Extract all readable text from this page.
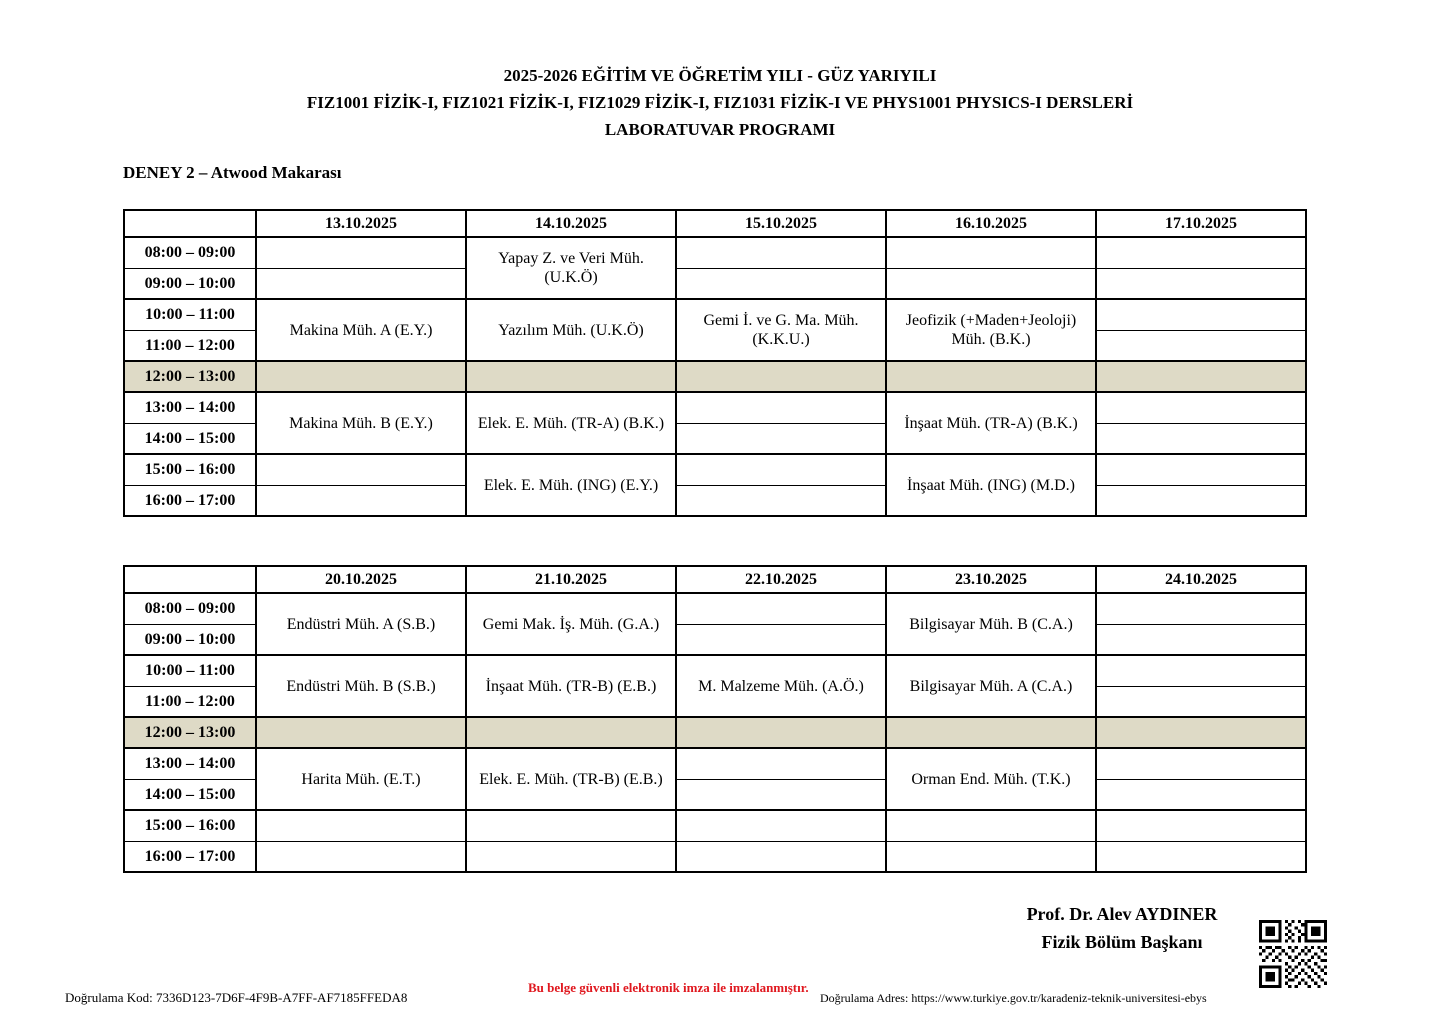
2025-2026 EĞİTİM VE ÖĞRETİM YILI - GÜZ YARIYILI
FIZ1001 FİZİK-I, FIZ1021 FİZİK-I, FIZ1029 FİZİK-I, FIZ1031 FİZİK-I VE PHYS1001 PHYSICS-I DERSLERİ
LABORATUVAR PROGRAMI
DENEY 2 – Atwood Makarası
	13.10.2025	14.10.2025	15.10.2025	16.10.2025	17.10.2025
08:00 – 09:00		Yapay Z. ve Veri Müh. (U.K.Ö)			
09:00 – 10:00					
10:00 – 11:00	Makina Müh. A (E.Y.)	Yazılım Müh. (U.K.Ö)	Gemi İ. ve G. Ma. Müh. (K.K.U.)	Jeofizik (+Maden+Jeoloji) Müh. (B.K.)	
11:00 – 12:00					
12:00 – 13:00					
13:00 – 14:00	Makina Müh. B (E.Y.)	Elek. E. Müh. (TR-A) (B.K.)		İnşaat Müh. (TR-A) (B.K.)	
14:00 – 15:00					
15:00 – 16:00		Elek. E. Müh. (ING) (E.Y.)		İnşaat Müh. (ING) (M.D.)	
16:00 – 17:00					
	20.10.2025	21.10.2025	22.10.2025	23.10.2025	24.10.2025
08:00 – 09:00	Endüstri Müh. A (S.B.)	Gemi Mak. İş. Müh. (G.A.)		Bilgisayar Müh. B (C.A.)	
09:00 – 10:00					
10:00 – 11:00	Endüstri Müh. B (S.B.)	İnşaat Müh. (TR-B) (E.B.)	M. Malzeme Müh. (A.Ö.)	Bilgisayar Müh. A (C.A.)	
11:00 – 12:00					
12:00 – 13:00					
13:00 – 14:00	Harita Müh. (E.T.)	Elek. E. Müh. (TR-B) (E.B.)		Orman End. Müh. (T.K.)	
14:00 – 15:00					
15:00 – 16:00					
16:00 – 17:00					
Prof. Dr. Alev AYDINER
Fizik Bölüm Başkanı
Doğrulama Kod: 7336D123-7D6F-4F9B-A7FF-AF7185FFEDA8
Bu belge güvenli elektronik imza ile imzalanmıştır.
Doğrulama Adres: https://www.turkiye.gov.tr/karadeniz-teknik-universitesi-ebys
